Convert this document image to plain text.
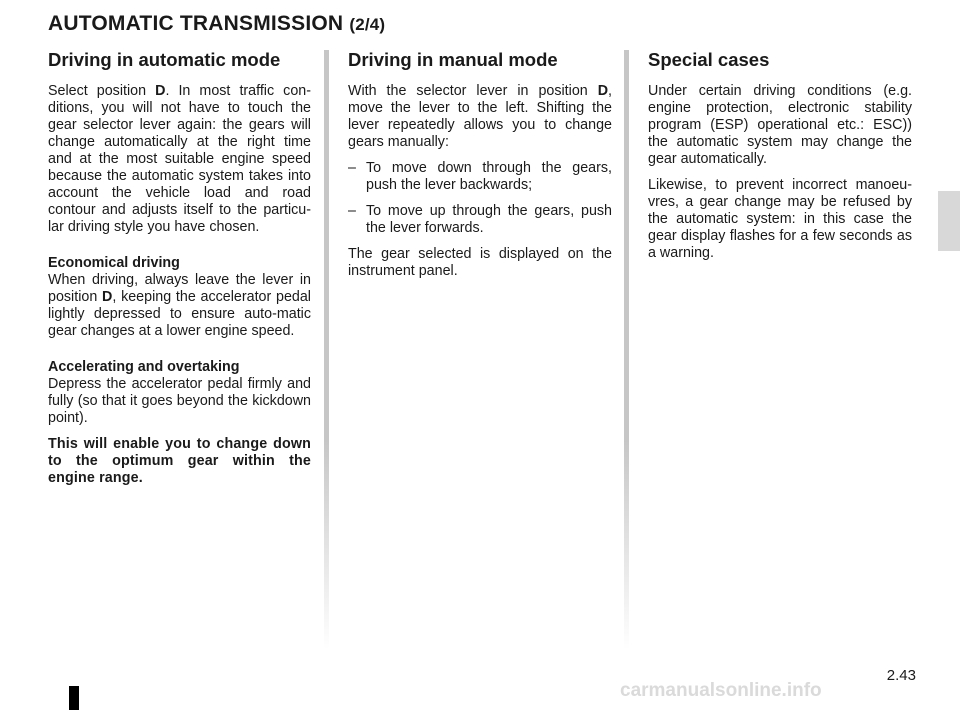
AUTOMATIC TRANSMISSION (2/4)
Driving in automatic mode

Select position D. In most traffic con-ditions, you will not have to touch the gear selector lever again: the gears will change automatically at the right time and at the most suitable engine speed because the automatic system takes into account the vehicle load and road contour and adjusts itself to the particu-lar driving style you have chosen.

Economical driving
When driving, always leave the lever in position D, keeping the accelerator pedal lightly depressed to ensure auto-matic gear changes at a lower engine speed.

Accelerating and overtaking
Depress the accelerator pedal firmly and fully (so that it goes beyond the kickdown point).

This will enable you to change down to the optimum gear within the engine range.

Driving in manual mode

With the selector lever in position D, move the lever to the left. Shifting the lever repeatedly allows you to change gears manually:

– To move down through the gears, push the lever backwards;
– To move up through the gears, push the lever forwards.

The gear selected is displayed on the instrument panel.

Special cases

Under certain driving conditions (e.g. engine protection, electronic stability program (ESP) operational etc.: ESC)) the automatic system may change the gear automatically.

Likewise, to prevent incorrect manoeu-vres, a gear change may be refused by the automatic system: in this case the gear display flashes for a few seconds as a warning.

2.43
carmanualsonline.info
